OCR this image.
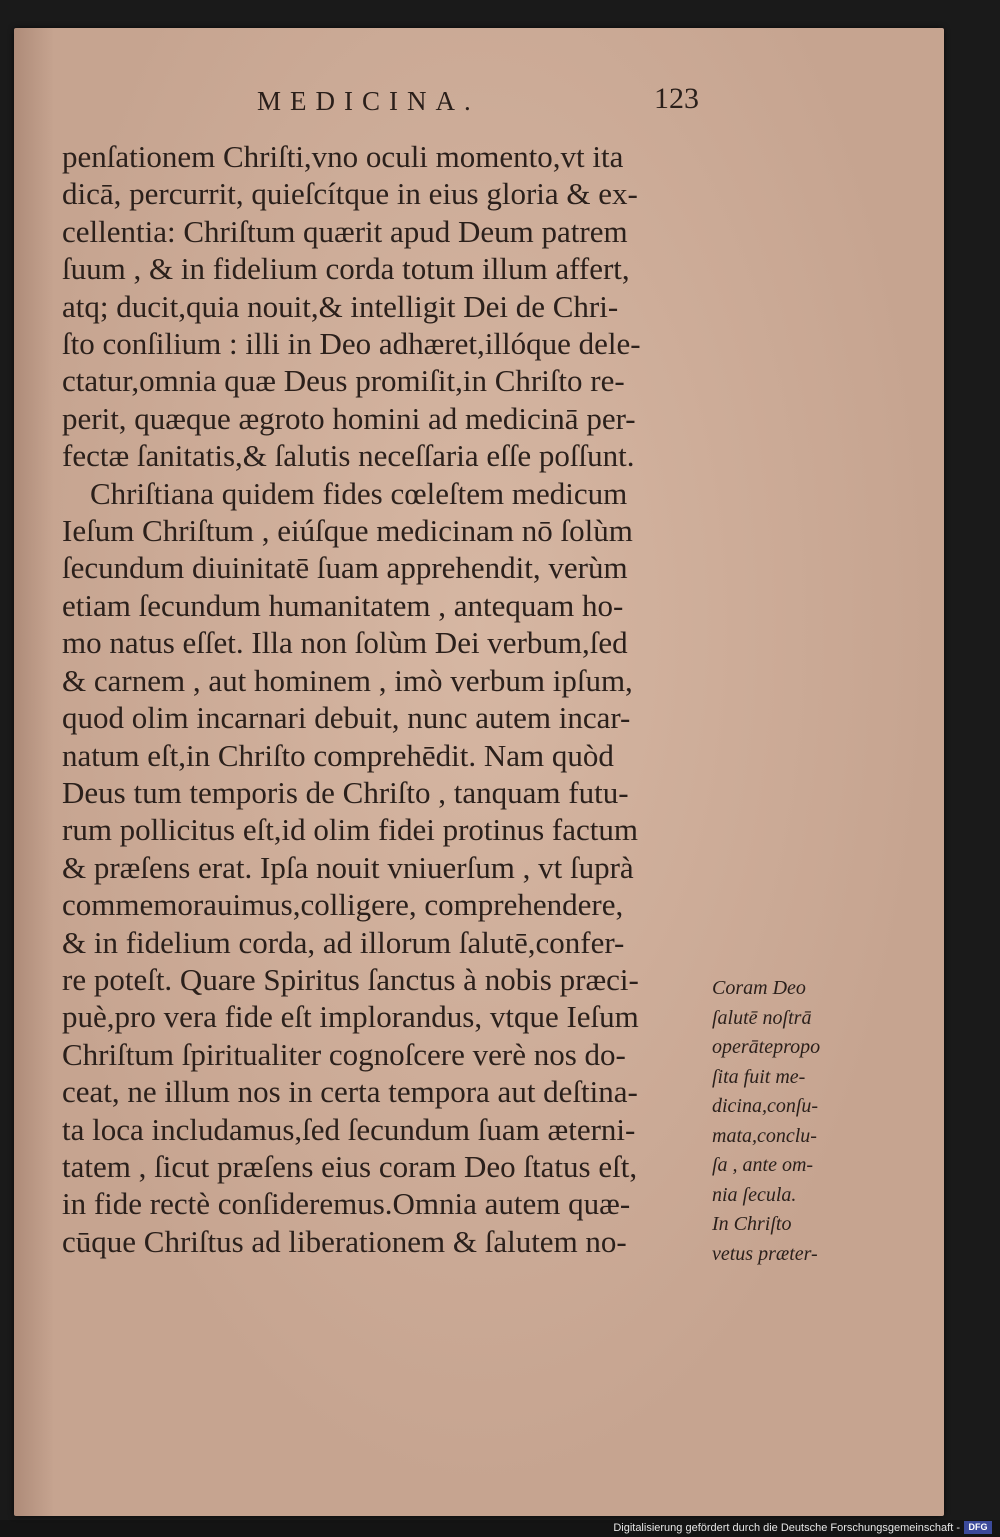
MEDICINA.	123
penſationem Chriſti,vno oculi momento,vt ita
dicā, percurrit, quieſcítque in eius gloria & ex-
cellentia: Chriſtum quærit apud Deum patrem
ſuum , & in fidelium corda totum illum affert,
atq; ducit,quia nouit,& intelligit Dei de Chri-
ſto conſilium : illi in Deo adhæret,illóque dele-
ctatur,omnia quæ Deus promiſit,in Chriſto re-
perit, quæque ægroto homini ad medicinā per-
fectæ ſanitatis,& ſalutis neceſſaria eſſe poſſunt.
Chriſtiana quidem fides cœleſtem medicum
Ieſum Chriſtum , eiúſque medicinam nō ſolùm
ſecundum diuinitatē ſuam apprehendit, verùm
etiam ſecundum humanitatem , antequam ho-
mo natus eſſet. Illa non ſolùm Dei verbum,ſed
& carnem , aut hominem , imò verbum ipſum,
quod olim incarnari debuit, nunc autem incar-
natum eſt,in Chriſto comprehēdit. Nam quòd
Deus tum temporis de Chriſto , tanquam futu-
rum pollicitus eſt,id olim fidei protinus factum
& præſens erat. Ipſa nouit vniuerſum , vt ſuprà
commemorauimus,colligere, comprehendere,
& in fidelium corda, ad illorum ſalutē,confer-
re poteſt. Quare Spiritus ſanctus à nobis præci-
puè,pro vera fide eſt implorandus, vtque Ieſum
Chriſtum ſpiritualiter cognoſcere verè nos do-
ceat, ne illum nos in certa tempora aut deſtina-
ta loca includamus,ſed ſecundum ſuam æterni-
tatem , ſicut præſens eius coram Deo ſtatus eſt,
in fide rectè conſideremus.Omnia autem quæ-
cūque Chriſtus ad liberationem & ſalutem no-
Coram Deo
ſalutē noſtrā
operātepropo
ſita fuit me-
dicina,conſu-
mata,conclu-
ſa , ante om-
nia ſecula.
In Chriſto
vetus præter-
Digitalisierung gefördert durch die Deutsche Forschungsgemeinschaft - DFG
